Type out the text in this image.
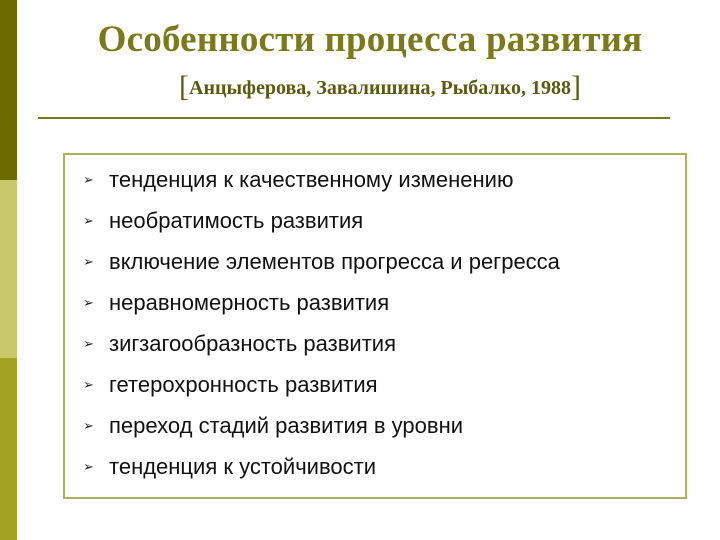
Особенности процесса развития
[Анцыферова, Завалишина, Рыбалко, 1988]
➢ тенденция к качественному изменению
➢ необратимость развития
➢ включение элементов прогресса и регресса
➢ неравномерность развития
➢ зигзагообразность развития
➢ гетерохронность развития
➢ переход стадий развития в уровни
➢ тенденция к устойчивости
